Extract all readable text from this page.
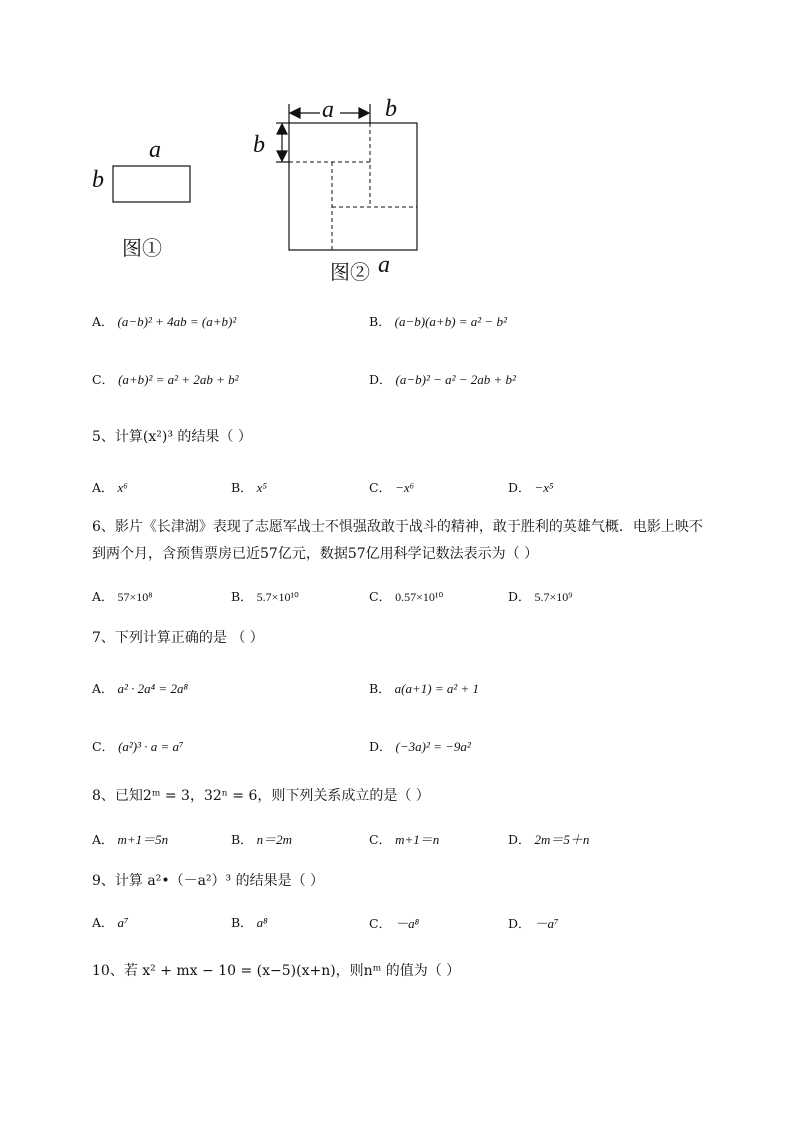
a
b
图①
a b
b
图② a
A． (a−b)² + 4ab = (a+b)²	B． (a−b)(a+b) = a² − b²
C． (a+b)² = a² + 2ab + b²	D． (a−b)² − a² − 2ab + b²
5、计算(x²)³ 的结果（ ）
A． x⁶	B． x⁵	C． −x⁶	D． −x⁵
6、影片《长津湖》表现了志愿军战士不惧强敌敢于战斗的精神，敢于胜利的英雄气概．电影上映不
到两个月，含预售票房已近57亿元，数据57亿用科学记数法表示为（ ）
A． 57×10⁸	B． 5.7×10¹⁰	C． 0.57×10¹⁰	D． 5.7×10⁹
7、下列计算正确的是 （ ）
A． a² · 2a⁴ = 2a⁸	B． a(a+1) = a² + 1
C． (a²)³ · a = a⁷	D． (−3a)² = −9a²
8、已知2ᵐ = 3，32ⁿ = 6，则下列关系成立的是（ ）
A． m+1＝5n	B． n＝2m	C． m+1＝n	D． 2m＝5＋n
9、计算 a²•（－a²）³ 的结果是（ ）
A． a⁷	B． a⁸	C． －a⁸	D． －a⁷
10、若 x² + mx − 10 = (x−5)(x+n)，则nᵐ 的值为（ ）
